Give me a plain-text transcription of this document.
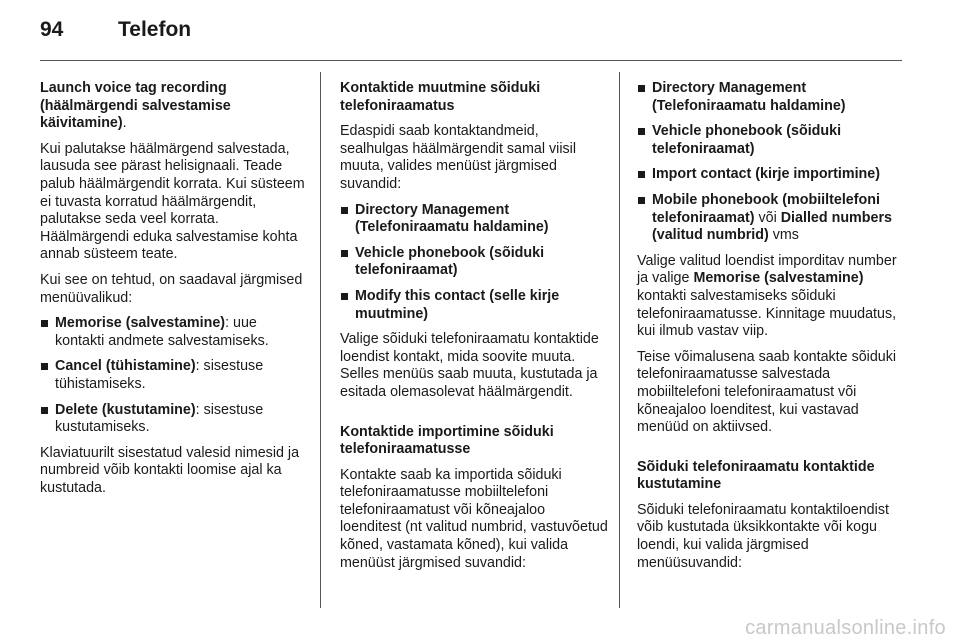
94	Telefon

Launch voice tag recording (häälmärgendi salvestamise käivitamine).

Kui palutakse häälmärgend salvestada, lausuda see pärast helisignaali. Teade palub häälmärgendit korrata. Kui süsteem ei tuvasta korratud häälmärgendit, palutakse seda veel korrata. Häälmärgendi eduka salvestamise kohta annab süsteem teate.

Kui see on tehtud, on saadaval järgmised menüüvalikud:

Memorise (salvestamine): uue kontakti andmete salvestamiseks.
Cancel (tühistamine): sisestuse tühistamiseks.
Delete (kustutamine): sisestuse kustutamiseks.

Klaviatuurilt sisestatud valesid nimesid ja numbreid võib kontakti loomise ajal ka kustutada.

Kontaktide muutmine sõiduki telefoniraamatus

Edaspidi saab kontaktandmeid, sealhulgas häälmärgendit samal viisil muuta, valides menüüst järgmised suvandid:

Directory Management (Telefoniraamatu haldamine)
Vehicle phonebook (sõiduki telefoniraamat)
Modify this contact (selle kirje muutmine)

Valige sõiduki telefoniraamatu kontaktide loendist kontakt, mida soovite muuta. Selles menüüs saab muuta, kustutada ja esitada olemasolevat häälmärgendit.

Kontaktide importimine sõiduki telefoniraamatusse

Kontakte saab ka importida sõiduki telefoniraamatusse mobiiltelefoni telefoniraamatust või kõneajaloo loenditest (nt valitud numbrid, vastuvõetud kõned, vastamata kõned), kui valida menüüst järgmised suvandid:

Directory Management (Telefoniraamatu haldamine)
Vehicle phonebook (sõiduki telefoniraamat)
Import contact (kirje importimine)
Mobile phonebook (mobiiltelefoni telefoniraamat) või Dialled numbers (valitud numbrid) vms

Valige valitud loendist imporditav number ja valige Memorise (salvestamine) kontakti salvestamiseks sõiduki telefoniraamatusse. Kinnitage muudatus, kui ilmub vastav viip.

Teise võimalusena saab kontakte sõiduki telefoniraamatusse salvestada mobiiltelefoni telefoniraamatust või kõneajaloo loenditest, kui vastavad menüüd on aktiivsed.

Sõiduki telefoniraamatu kontaktide kustutamine

Sõiduki telefoniraamatu kontaktiloendist võib kustutada üksikkontakte või kogu loendi, kui valida järgmised menüüsuvandid:

carmanualsonline.info
